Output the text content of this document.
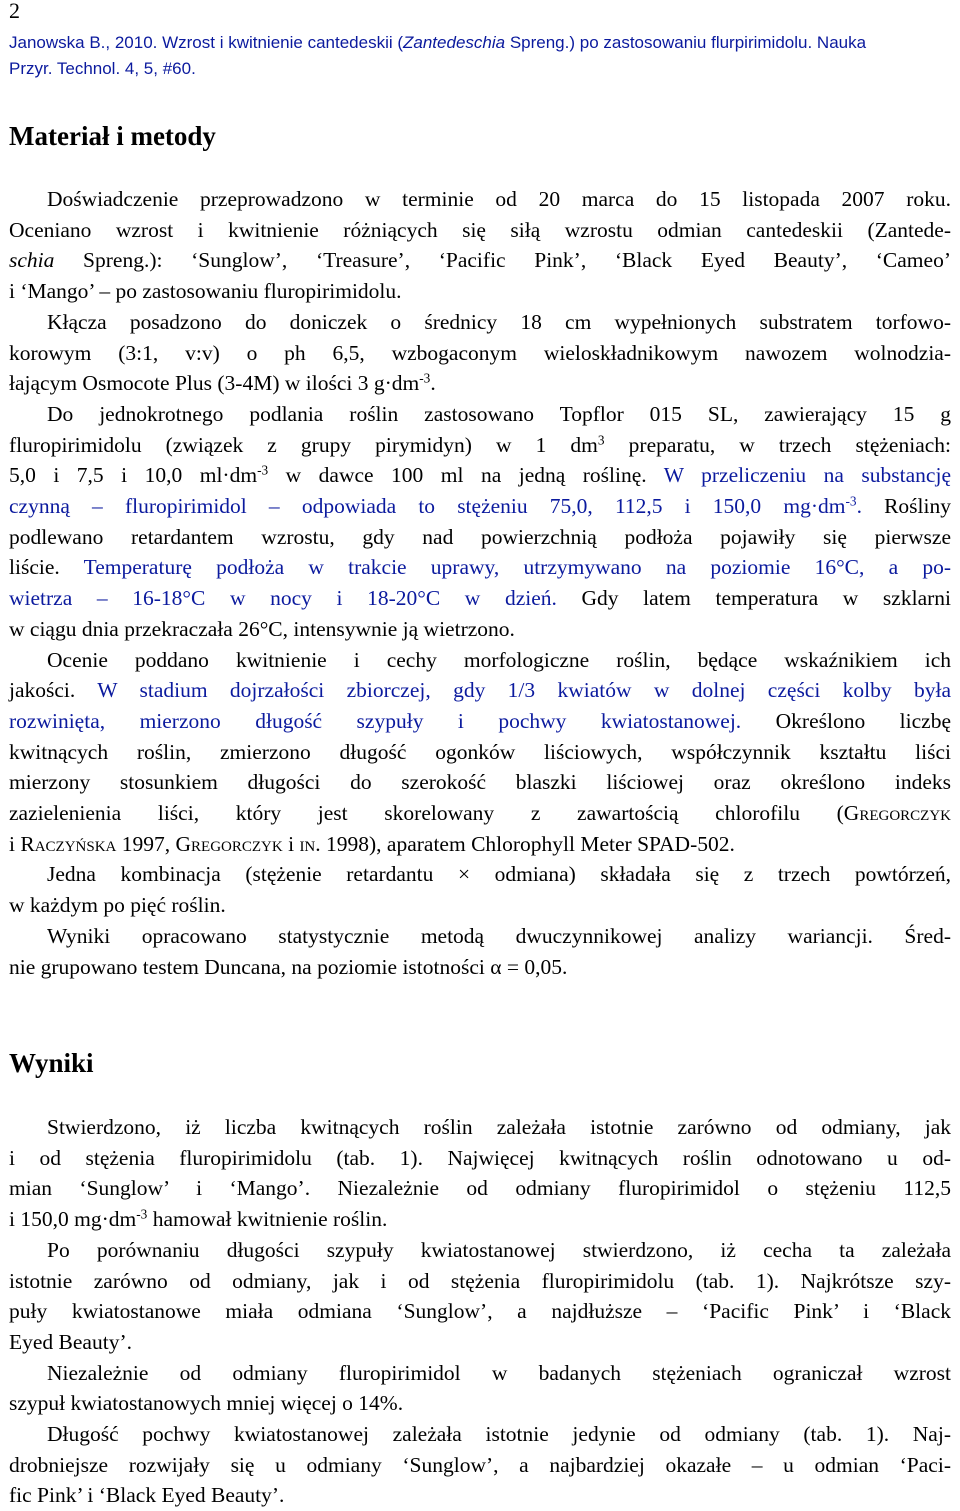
2
Janowska B., 2010. Wzrost i kwitnienie cantedeskii (Zantedeschia Spreng.) po zastosowaniu flurpirimidolu. Nauka
Przyr. Technol. 4, 5, #60.
Materiał i metody

Doświadczenie przeprowadzono w terminie od 20 marca do 15 listopada 2007 roku.
Oceniano wzrost i kwitnienie różniących się siłą wzrostu odmian cantedeskii (Zantede-
schia Spreng.): ‘Sunglow’, ‘Treasure’, ‘Pacific Pink’, ‘Black Eyed Beauty’, ‘Cameo’
i ‘Mango’ – po zastosowaniu fluropirimidolu.

Kłącza posadzono do doniczek o średnicy 18 cm wypełnionych substratem torfowo-
korowym (3:1, v:v) o ph 6,5, wzbogaconym wieloskładnikowym nawozem wolnodzia-
łającym Osmocote Plus (3-4M) w ilości 3 $g\cdot dm^{-3}$.

Do jednokrotnego podlania roślin zastosowano Topflor 015 SL, zawierający 15 g
fluropirimidolu (związek z grupy pirymidyn) w 1 $dm^3$ preparatu, w trzech stężeniach:
5,0 i 7,5 i 10,0 $ml\cdot dm^{-3}$ w dawce 100 ml na jedną roślinę. W przeliczeniu na substancję
czynną – fluropirimidol – odpowiada to stężeniu 75,0, 112,5 i 150,0 $mg\cdot dm^{-3}$. Rośliny
podlewano retardantem wzrostu, gdy nad powierzchnią podłoża pojawiły się pierwsze
liście. Temperaturę podłoża w trakcie uprawy, utrzymywano na poziomie 16°C, a po-
wietrza – 16-18°C w nocy i 18-20°C w dzień. Gdy latem temperatura w szklarni
w ciągu dnia przekraczała 26°C, intensywnie ją wietrzono.

Ocenie poddano kwitnienie i cechy morfologiczne roślin, będące wskaźnikiem ich
jakości. W stadium dojrzałości zbiorczej, gdy 1/3 kwiatów w dolnej części kolby była
rozwinięta, mierzono długość szypuły i pochwy kwiatostanowej. Określono liczbę
kwitnących roślin, zmierzono długość ogonków liściowych, współczynnik kształtu liści
mierzony stosunkiem długości do szerokość blaszki liściowej oraz określono indeks
zazielenienia liści, który jest skorelowany z zawartością chlorofilu (Gregorczyk
i Raczyńska 1997, Gregorczyk i in. 1998), aparatem Chlorophyll Meter SPAD-502.

Jedna kombinacja (stężenie retardantu × odmiana) składała się z trzech powtórzeń,
w każdym po pięć roślin.

Wyniki opracowano statystycznie metodą dwuczynnikowej analizy wariancji. Śred-
nie grupowano testem Duncana, na poziomie istotności α = 0,05.

Wyniki

Stwierdzono, iż liczba kwitnących roślin zależała istotnie zarówno od odmiany, jak
i od stężenia fluropirimidolu (tab. 1). Najwięcej kwitnących roślin odnotowano u od-
mian ‘Sunglow’ i ‘Mango’. Niezależnie od odmiany fluropirimidol o stężeniu 112,5
i 150,0 $mg\cdot dm^{-3}$ hamował kwitnienie roślin.

Po porównaniu długości szypuły kwiatostanowej stwierdzono, iż cecha ta zależała
istotnie zarówno od odmiany, jak i od stężenia fluropirimidolu (tab. 1). Najkrótsze szy-
puły kwiatostanowe miała odmiana ‘Sunglow’, a najdłuższe – ‘Pacific Pink’ i ‘Black
Eyed Beauty’.

Niezależnie od odmiany fluropirimidol w badanych stężeniach ograniczał wzrost
szypuł kwiatostanowych mniej więcej o 14%.

Długość pochwy kwiatostanowej zależała istotnie jedynie od odmiany (tab. 1). Naj-
drobniejsze rozwijały się u odmiany ‘Sunglow’, a najbardziej okazałe – u odmian ‘Paci-
fic Pink’ i ‘Black Eyed Beauty’.
